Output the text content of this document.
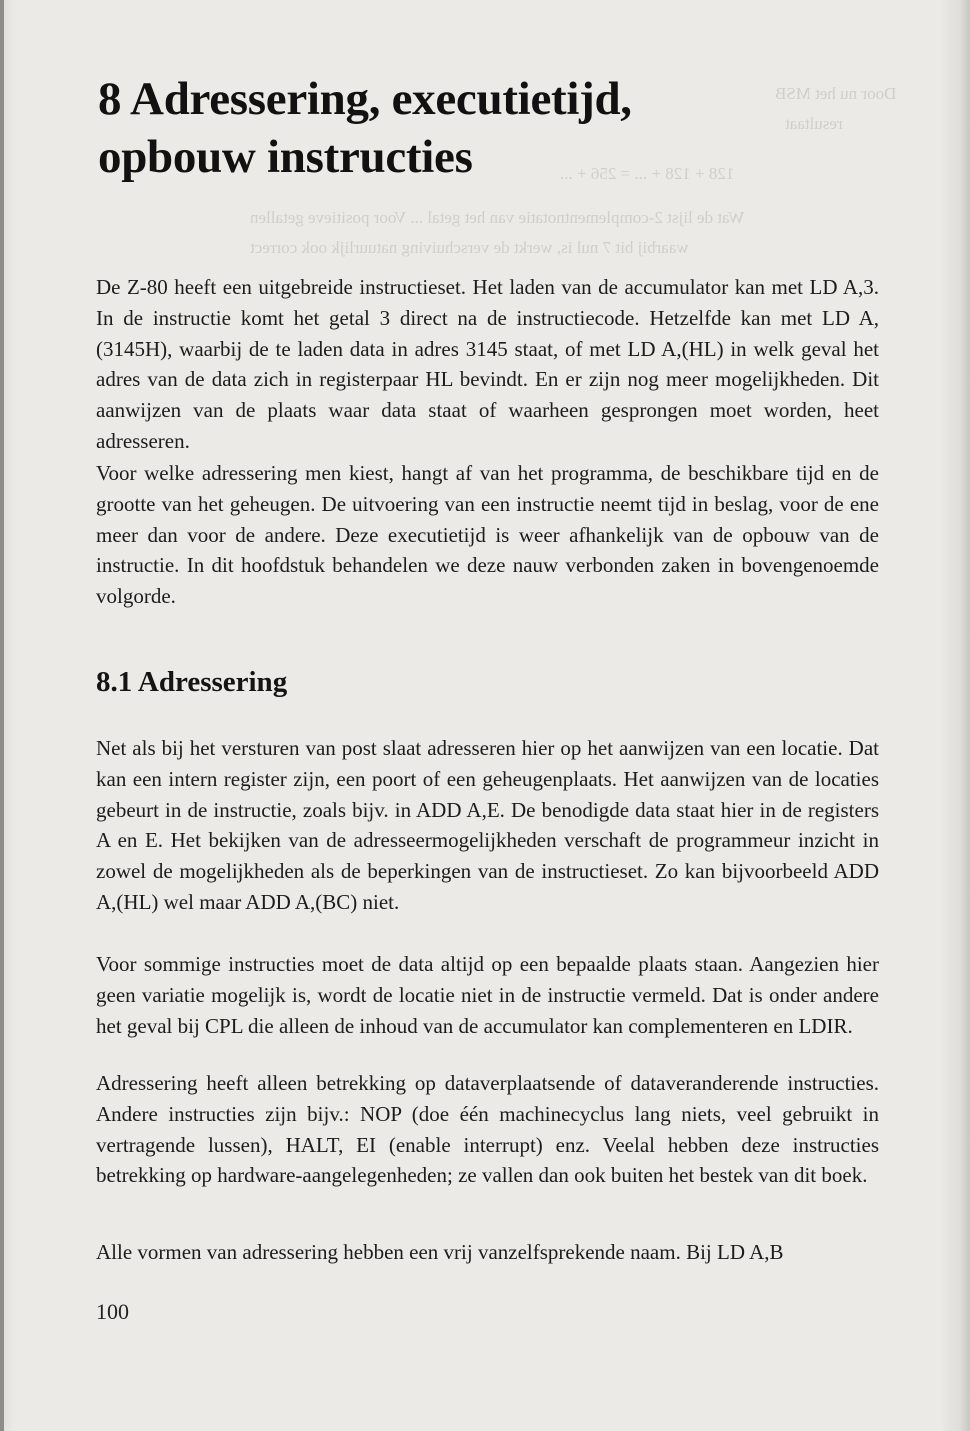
Door nu het MSB
resultaat
128 + 128 + ... = 256 + ...
Wat de lijst 2-complementnotatie van het getal ... Voor positieve getallen
waarbij bit 7 nul is, werkt de verschuiving natuurlijk ook correct
8 Adressering, executietijd, opbouw instructies

De Z-80 heeft een uitgebreide instructieset. Het laden van de accumulator kan met LD A,3. In de instructie komt het getal 3 direct na de instructiecode. Hetzelfde kan met LD A,(3145H), waarbij de te laden data in adres 3145 staat, of met LD A,(HL) in welk geval het adres van de data zich in registerpaar HL bevindt. En er zijn nog meer mogelijkheden. Dit aanwijzen van de plaats waar data staat of waarheen gesprongen moet worden, heet adresseren.

Voor welke adressering men kiest, hangt af van het programma, de beschikbare tijd en de grootte van het geheugen. De uitvoering van een instructie neemt tijd in beslag, voor de ene meer dan voor de andere. Deze executietijd is weer afhankelijk van de opbouw van de instructie. In dit hoofdstuk behandelen we deze nauw verbonden zaken in bovengenoemde volgorde.

8.1 Adressering

Net als bij het versturen van post slaat adresseren hier op het aanwijzen van een locatie. Dat kan een intern register zijn, een poort of een geheugenplaats. Het aanwijzen van de locaties gebeurt in de instructie, zoals bijv. in ADD A,E. De benodigde data staat hier in de registers A en E. Het bekijken van de adresseermogelijkheden verschaft de programmeur inzicht in zowel de mogelijkheden als de beperkingen van de instructieset. Zo kan bijvoorbeeld ADD A,(HL) wel maar ADD A,(BC) niet.

Voor sommige instructies moet de data altijd op een bepaalde plaats staan. Aangezien hier geen variatie mogelijk is, wordt de locatie niet in de instructie vermeld. Dat is onder andere het geval bij CPL die alleen de inhoud van de accumulator kan complementeren en LDIR.

Adressering heeft alleen betrekking op dataverplaatsende of dataveranderende instructies. Andere instructies zijn bijv.: NOP (doe één machinecyclus lang niets, veel gebruikt in vertragende lussen), HALT, EI (enable interrupt) enz. Veelal hebben deze instructies betrekking op hardware-aangelegenheden; ze vallen dan ook buiten het bestek van dit boek.

Alle vormen van adressering hebben een vrij vanzelfsprekende naam. Bij LD A,B

100
